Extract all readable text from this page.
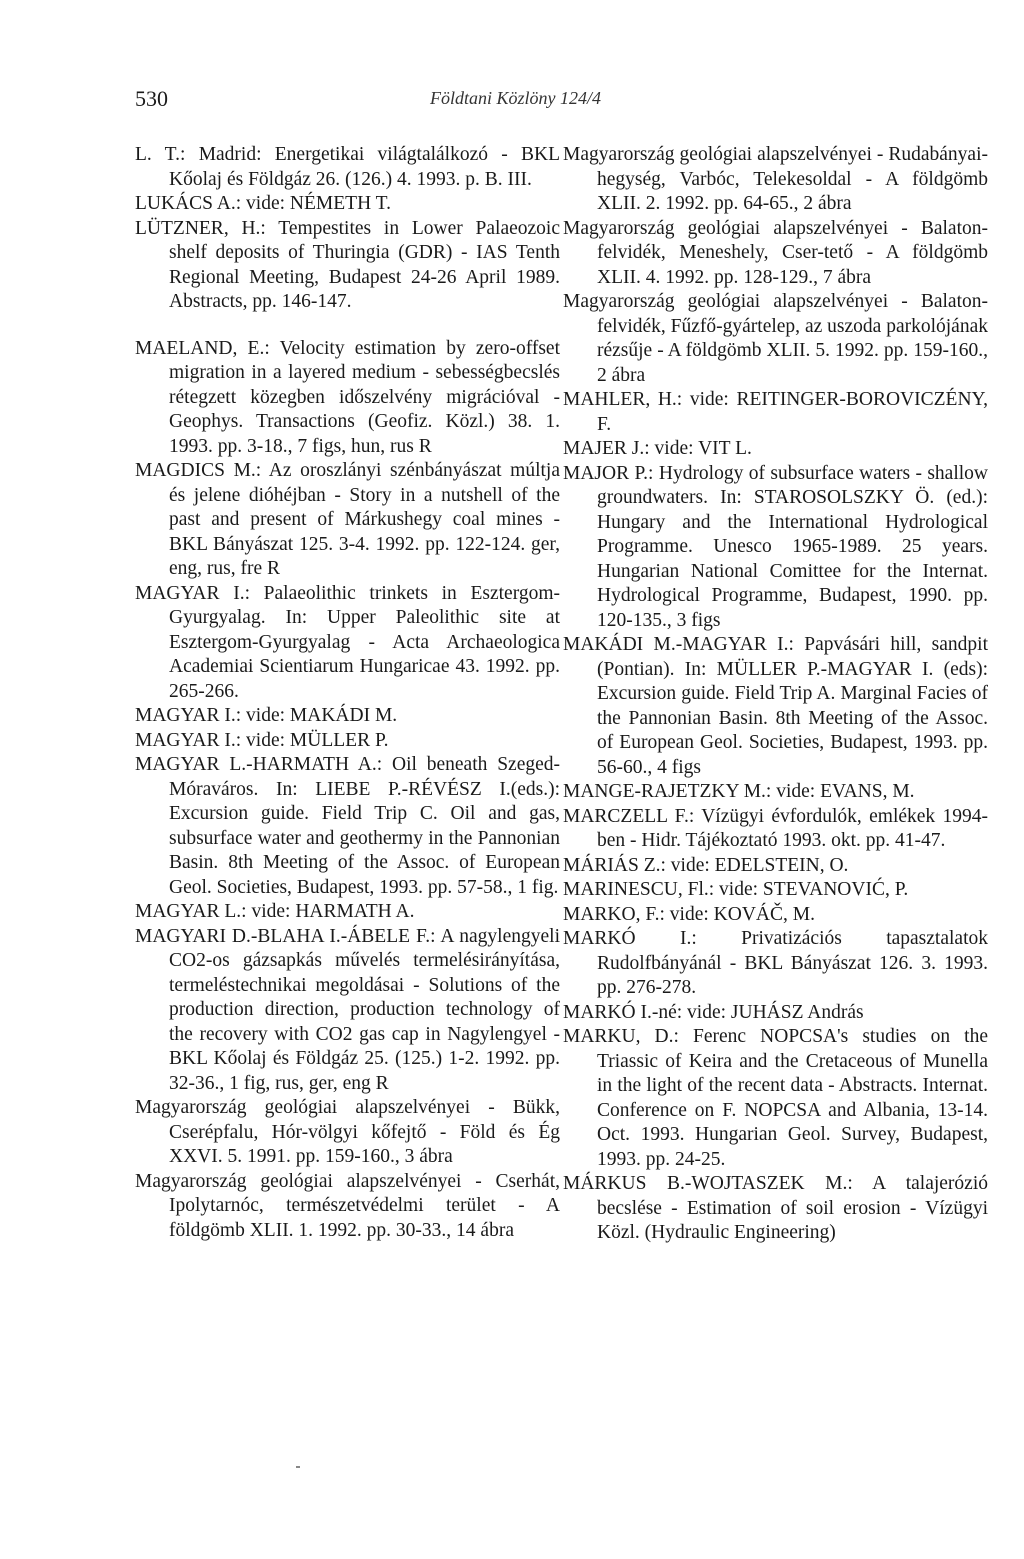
530	Földtani Közlöny 124/4

L. T.: Madrid: Energetikai világtalálkozó - BKL Kőolaj és Földgáz 26. (126.) 4. 1993. p. B. III.

LUKÁCS A.: vide: NÉMETH T.

LÜTZNER, H.: Tempestites in Lower Palaeozoic shelf deposits of Thuringia (GDR) - IAS Tenth Regional Meeting, Budapest 24-26 April 1989. Abstracts, pp. 146-147.

MAELAND, E.: Velocity estimation by zero-offset migration in a layered medium - sebességbecslés rétegzett közegben időszelvény migrációval - Geophys. Transactions (Geofiz. Közl.) 38. 1. 1993. pp. 3-18., 7 figs, hun, rus R

MAGDICS M.: Az oroszlányi szénbányászat múltja és jelene dióhéjban - Story in a nutshell of the past and present of Márkushegy coal mines - BKL Bányászat 125. 3-4. 1992. pp. 122-124. ger, eng, rus, fre R

MAGYAR I.: Palaeolithic trinkets in Esztergom-Gyurgyalag. In: Upper Paleolithic site at Esztergom-Gyurgyalag - Acta Archaeologica Academiai Scientiarum Hungaricae 43. 1992. pp. 265-266.

MAGYAR I.: vide: MAKÁDI M.

MAGYAR I.: vide: MÜLLER P.

MAGYAR L.-HARMATH A.: Oil beneath Szeged-Móraváros. In: LIEBE P.-RÉVÉSZ I.(eds.): Excursion guide. Field Trip C. Oil and gas, subsurface water and geothermy in the Pannonian Basin. 8th Meeting of the Assoc. of European Geol. Societies, Budapest, 1993. pp. 57-58., 1 fig.

MAGYAR L.: vide: HARMATH A.

MAGYARI D.-BLAHA I.-ÁBELE F.: A nagylengyeli CO2-os gázsapkás művelés termelésirányítása, termeléstechnikai megoldásai - Solutions of the production direction, production technology of the recovery with CO2 gas cap in Nagylengyel - BKL Kőolaj és Földgáz 25. (125.) 1-2. 1992. pp. 32-36., 1 fig, rus, ger, eng R

Magyarország geológiai alapszelvényei - Bükk, Cserépfalu, Hór-völgyi kőfejtő - Föld és Ég XXVI. 5. 1991. pp. 159-160., 3 ábra

Magyarország geológiai alapszelvényei - Cserhát, Ipolytarnóc, természetvédelmi terület - A földgömb XLII. 1. 1992. pp. 30-33., 14 ábra

Magyarország geológiai alapszelvényei - Rudabányai-hegység, Varbóc, Telekesoldal - A földgömb XLII. 2. 1992. pp. 64-65., 2 ábra

Magyarország geológiai alapszelvényei - Balaton-felvidék, Meneshely, Cser-tető - A földgömb XLII. 4. 1992. pp. 128-129., 7 ábra

Magyarország geológiai alapszelvényei - Balaton-felvidék, Fűzfő-gyártelep, az uszoda parkolójának rézsűje - A földgömb XLII. 5. 1992. pp. 159-160., 2 ábra

MAHLER, H.: vide: REITINGER-BOROVICZÉNY, F.

MAJER J.: vide: VIT L.

MAJOR P.: Hydrology of subsurface waters - shallow groundwaters. In: STAROSOLSZKY Ö. (ed.): Hungary and the International Hydrological Programme. Unesco 1965-1989. 25 years. Hungarian National Comittee for the Internat. Hydrological Programme, Budapest, 1990. pp. 120-135., 3 figs

MAKÁDI M.-MAGYAR I.: Papvásári hill, sandpit (Pontian). In: MÜLLER P.-MAGYAR I. (eds): Excursion guide. Field Trip A. Marginal Facies of the Pannonian Basin. 8th Meeting of the Assoc. of European Geol. Societies, Budapest, 1993. pp. 56-60., 4 figs

MANGE-RAJETZKY M.: vide: EVANS, M.

MARCZELL F.: Vízügyi évfordulók, emlékek 1994-ben - Hidr. Tájékoztató 1993. okt. pp. 41-47.

MÁRIÁS Z.: vide: EDELSTEIN, O.

MARINESCU, Fl.: vide: STEVANOVIĆ, P.

MARKO, F.: vide: KOVÁČ, M.

MARKÓ I.: Privatizációs tapasztalatok Rudolfbányánál - BKL Bányászat 126. 3. 1993. pp. 276-278.

MARKÓ I.-né: vide: JUHÁSZ András

MARKU, D.: Ferenc NOPCSA's studies on the Triassic of Keira and the Cretaceous of Munella in the light of the recent data - Abstracts. Internat. Conference on F. NOPCSA and Albania, 13-14. Oct. 1993. Hungarian Geol. Survey, Budapest, 1993. pp. 24-25.

MÁRKUS B.-WOJTASZEK M.: A talajerózió becslése - Estimation of soil erosion - Vízügyi Közl. (Hydraulic Engineering)
